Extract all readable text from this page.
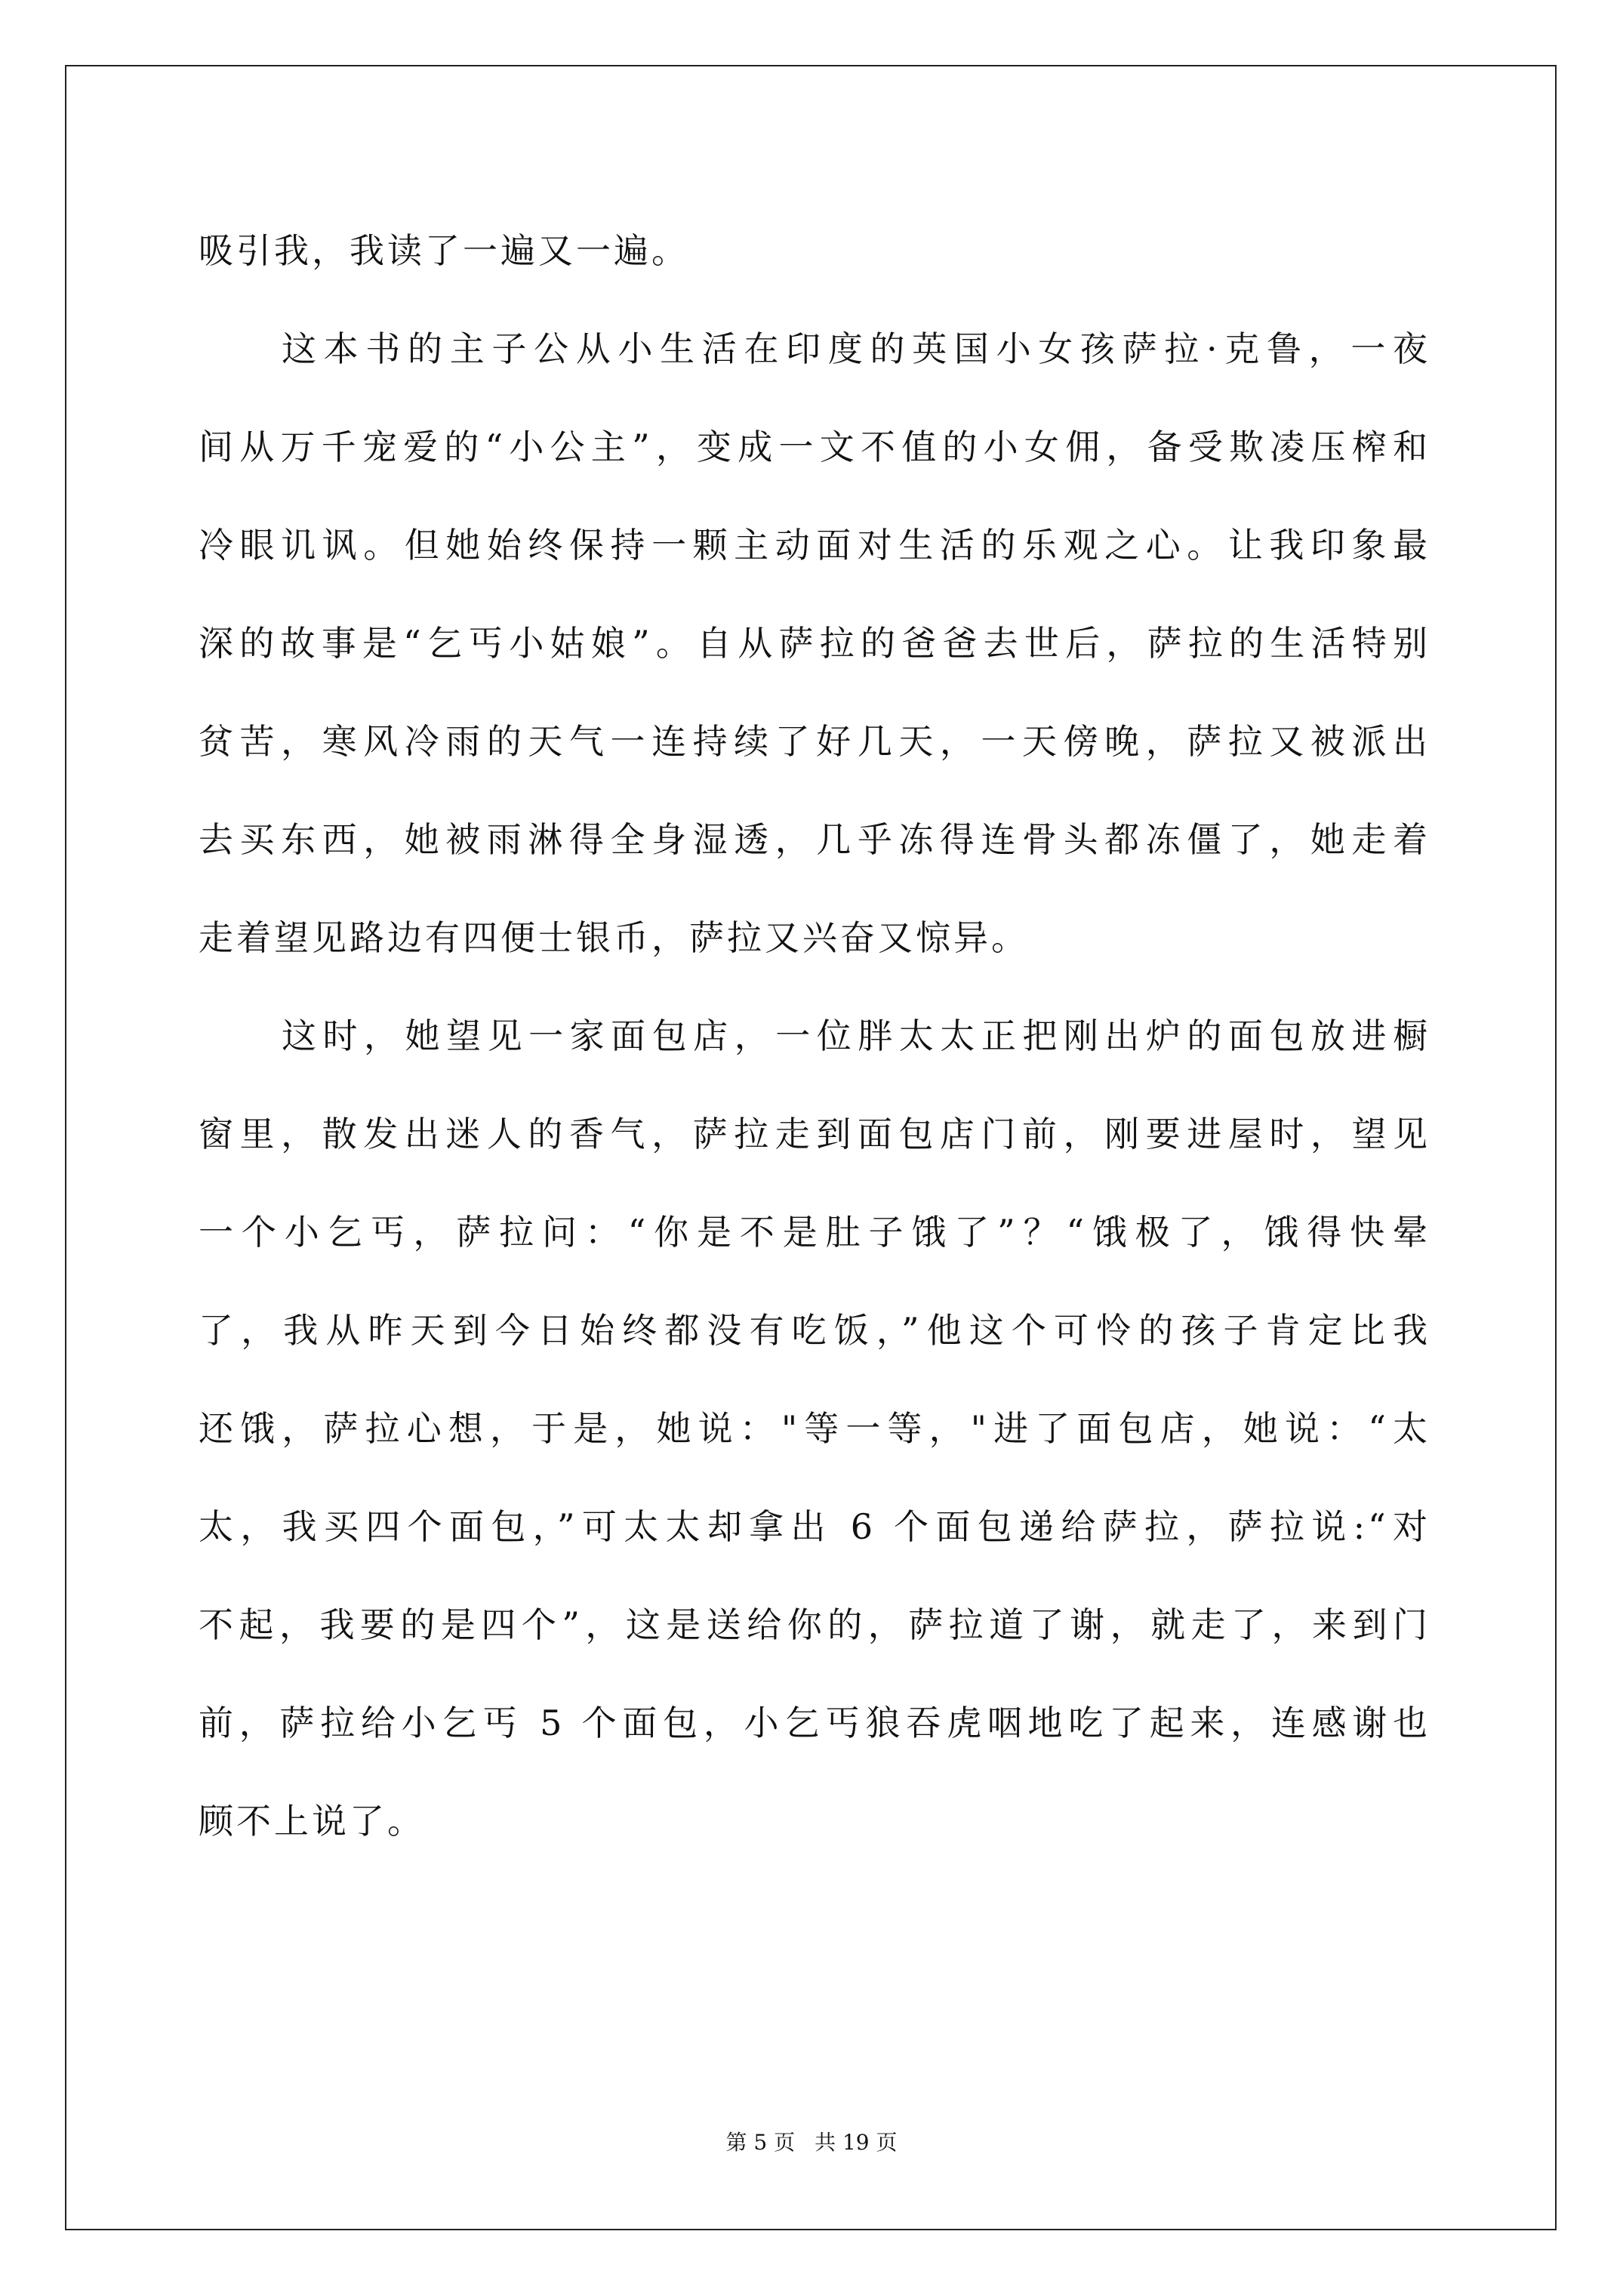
吸引我，我读了一遍又一遍。
这本书的主子公从小生活在印度的英国小女孩萨拉·克鲁，一夜
间从万千宠爱的“小公主”，变成一文不值的小女佣，备受欺凌压榨和
冷眼讥讽。但她始终保持一颗主动面对生活的乐观之心。让我印象最
深的故事是“乞丐小姑娘”。自从萨拉的爸爸去世后，萨拉的生活特别
贫苦，寒风冷雨的天气一连持续了好几天，一天傍晚，萨拉又被派出
去买东西，她被雨淋得全身湿透，几乎冻得连骨头都冻僵了，她走着
走着望见路边有四便士银币，萨拉又兴奋又惊异。
这时，她望见一家面包店，一位胖太太正把刚出炉的面包放进橱
窗里，散发出迷人的香气，萨拉走到面包店门前，刚要进屋时，望见
一个小乞丐，萨拉问：“你是不是肚子饿了”？“饿极了，饿得快晕
了，我从昨天到今日始终都没有吃饭，”他这个可怜的孩子肯定比我
还饿，萨拉心想，于是，她说："等一等，"进了面包店，她说：“太
太，我买四个面包，”可太太却拿出 6 个面包递给萨拉，萨拉说:“对
不起，我要的是四个”，这是送给你的，萨拉道了谢，就走了，来到门
前，萨拉给小乞丐 5 个面包，小乞丐狼吞虎咽地吃了起来，连感谢也
顾不上说了。
第 5 页 共 19 页
